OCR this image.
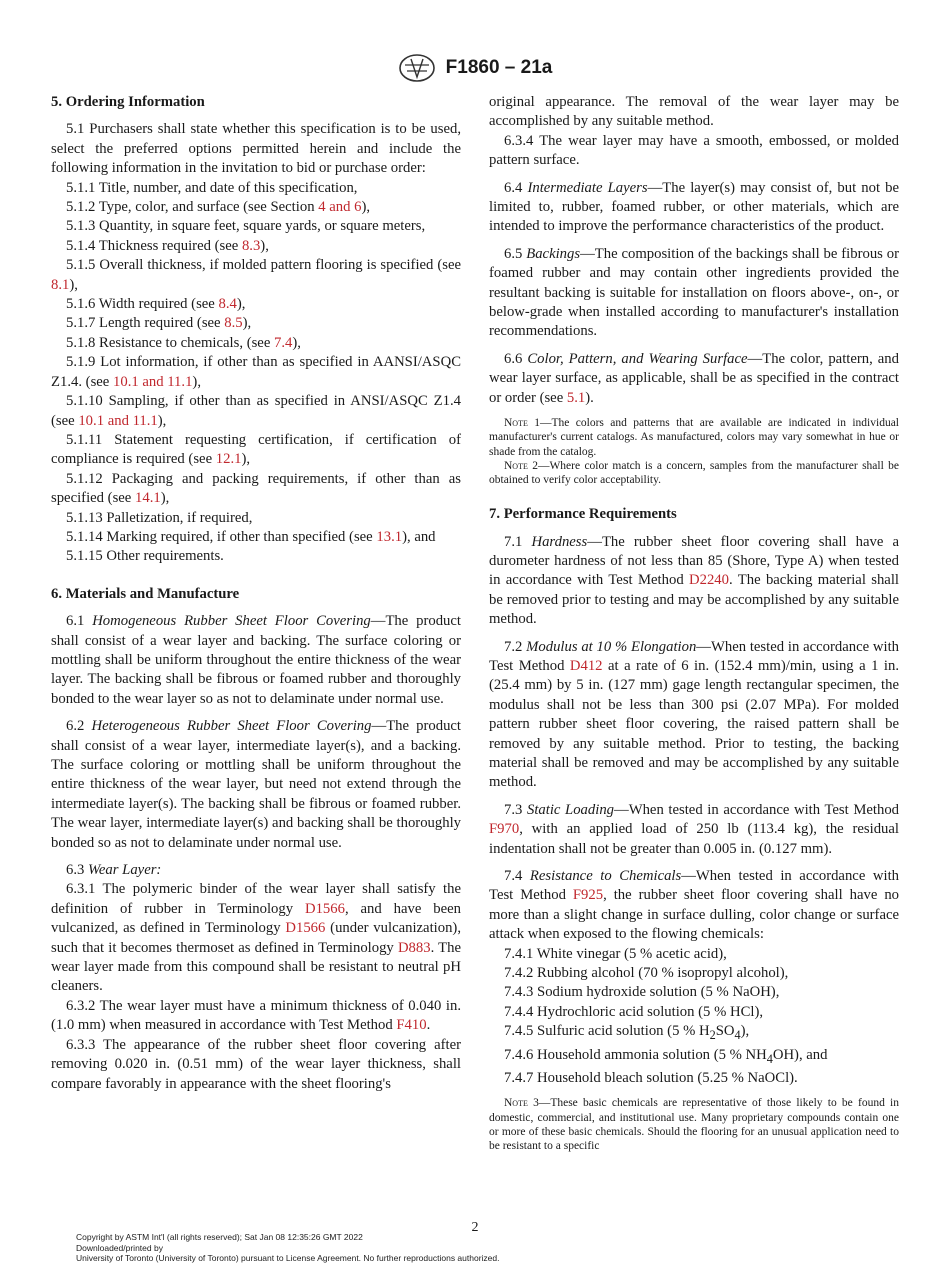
F1860 – 21a
5. Ordering Information

5.1 Purchasers shall state whether this specification is to be used, select the preferred options permitted herein and include the following information in the invitation to bid or purchase order:

5.1.1 Title, number, and date of this specification,

5.1.2 Type, color, and surface (see Section 4 and 6),

5.1.3 Quantity, in square feet, square yards, or square meters,

5.1.4 Thickness required (see 8.3),

5.1.5 Overall thickness, if molded pattern flooring is specified (see 8.1),

5.1.6 Width required (see 8.4),

5.1.7 Length required (see 8.5),

5.1.8 Resistance to chemicals, (see 7.4),

5.1.9 Lot information, if other than as specified in AANSI/ASQC Z1.4. (see 10.1 and 11.1),

5.1.10 Sampling, if other than as specified in ANSI/ASQC Z1.4 (see 10.1 and 11.1),

5.1.11 Statement requesting certification, if certification of compliance is required (see 12.1),

5.1.12 Packaging and packing requirements, if other than as specified (see 14.1),

5.1.13 Palletization, if required,

5.1.14 Marking required, if other than specified (see 13.1), and

5.1.15 Other requirements.

6. Materials and Manufacture

6.1 Homogeneous Rubber Sheet Floor Covering—The product shall consist of a wear layer and backing. The surface coloring or mottling shall be uniform throughout the entire thickness of the wear layer. The backing shall be fibrous or foamed rubber and thoroughly bonded to the wear layer so as not to delaminate under normal use.

6.2 Heterogeneous Rubber Sheet Floor Covering—The product shall consist of a wear layer, intermediate layer(s), and a backing. The surface coloring or mottling shall be uniform throughout the entire thickness of the wear layer, but need not extend through the intermediate layer(s). The backing shall be fibrous or foamed rubber. The wear layer, intermediate layer(s) and backing shall be thoroughly bonded so as not to delaminate under normal use.

6.3 Wear Layer:

6.3.1 The polymeric binder of the wear layer shall satisfy the definition of rubber in Terminology D1566, and have been vulcanized, as defined in Terminology D1566 (under vulcanization), such that it becomes thermoset as defined in Terminology D883. The wear layer made from this compound shall be resistant to neutral pH cleaners.

6.3.2 The wear layer must have a minimum thickness of 0.040 in. (1.0 mm) when measured in accordance with Test Method F410.

6.3.3 The appearance of the rubber sheet floor covering after removing 0.020 in. (0.51 mm) of the wear layer thickness, shall compare favorably in appearance with the sheet flooring's

original appearance. The removal of the wear layer may be accomplished by any suitable method.

6.3.4 The wear layer may have a smooth, embossed, or molded pattern surface.

6.4 Intermediate Layers—The layer(s) may consist of, but not be limited to, rubber, foamed rubber, or other materials, which are intended to improve the performance characteristics of the product.

6.5 Backings—The composition of the backings shall be fibrous or foamed rubber and may contain other ingredients provided the resultant backing is suitable for installation on floors above-, on-, or below-grade when installed according to manufacturer's installation recommendations.

6.6 Color, Pattern, and Wearing Surface—The color, pattern, and wear layer surface, as applicable, shall be as specified in the contract or order (see 5.1).

Note 1—The colors and patterns that are available are indicated in individual manufacturer's current catalogs. As manufactured, colors may vary somewhat in hue or shade from the catalog.

Note 2—Where color match is a concern, samples from the manufacturer shall be obtained to verify color acceptability.

7. Performance Requirements

7.1 Hardness—The rubber sheet floor covering shall have a durometer hardness of not less than 85 (Shore, Type A) when tested in accordance with Test Method D2240. The backing material shall be removed prior to testing and may be accomplished by any suitable method.

7.2 Modulus at 10 % Elongation—When tested in accordance with Test Method D412 at a rate of 6 in. (152.4 mm)/min, using a 1 in. (25.4 mm) by 5 in. (127 mm) gage length rectangular specimen, the modulus shall not be less than 300 psi (2.07 MPa). For molded pattern rubber sheet floor covering, the raised pattern shall be removed by any suitable method. Prior to testing, the backing material shall be removed and may be accomplished by any suitable method.

7.3 Static Loading—When tested in accordance with Test Method F970, with an applied load of 250 lb (113.4 kg), the residual indentation shall not be greater than 0.005 in. (0.127 mm).

7.4 Resistance to Chemicals—When tested in accordance with Test Method F925, the rubber sheet floor covering shall have no more than a slight change in surface dulling, color change or surface attack when exposed to the flowing chemicals:

7.4.1 White vinegar (5 % acetic acid),

7.4.2 Rubbing alcohol (70 % isopropyl alcohol),

7.4.3 Sodium hydroxide solution (5 % NaOH),

7.4.4 Hydrochloric acid solution (5 % HCl),

7.4.5 Sulfuric acid solution (5 % $H_2SO_4$),

7.4.6 Household ammonia solution (5 % $NH_4OH$), and

7.4.7 Household bleach solution (5.25 % NaOCl).

Note 3—These basic chemicals are representative of those likely to be found in domestic, commercial, and institutional use. Many proprietary compounds contain one or more of these basic chemicals. Should the flooring for an unusual application need to be resistant to a specific

2
Copyright by ASTM Int'l (all rights reserved); Sat Jan 08 12:35:26 GMT 2022
Downloaded/printed by
University of Toronto (University of Toronto) pursuant to License Agreement. No further reproductions authorized.
